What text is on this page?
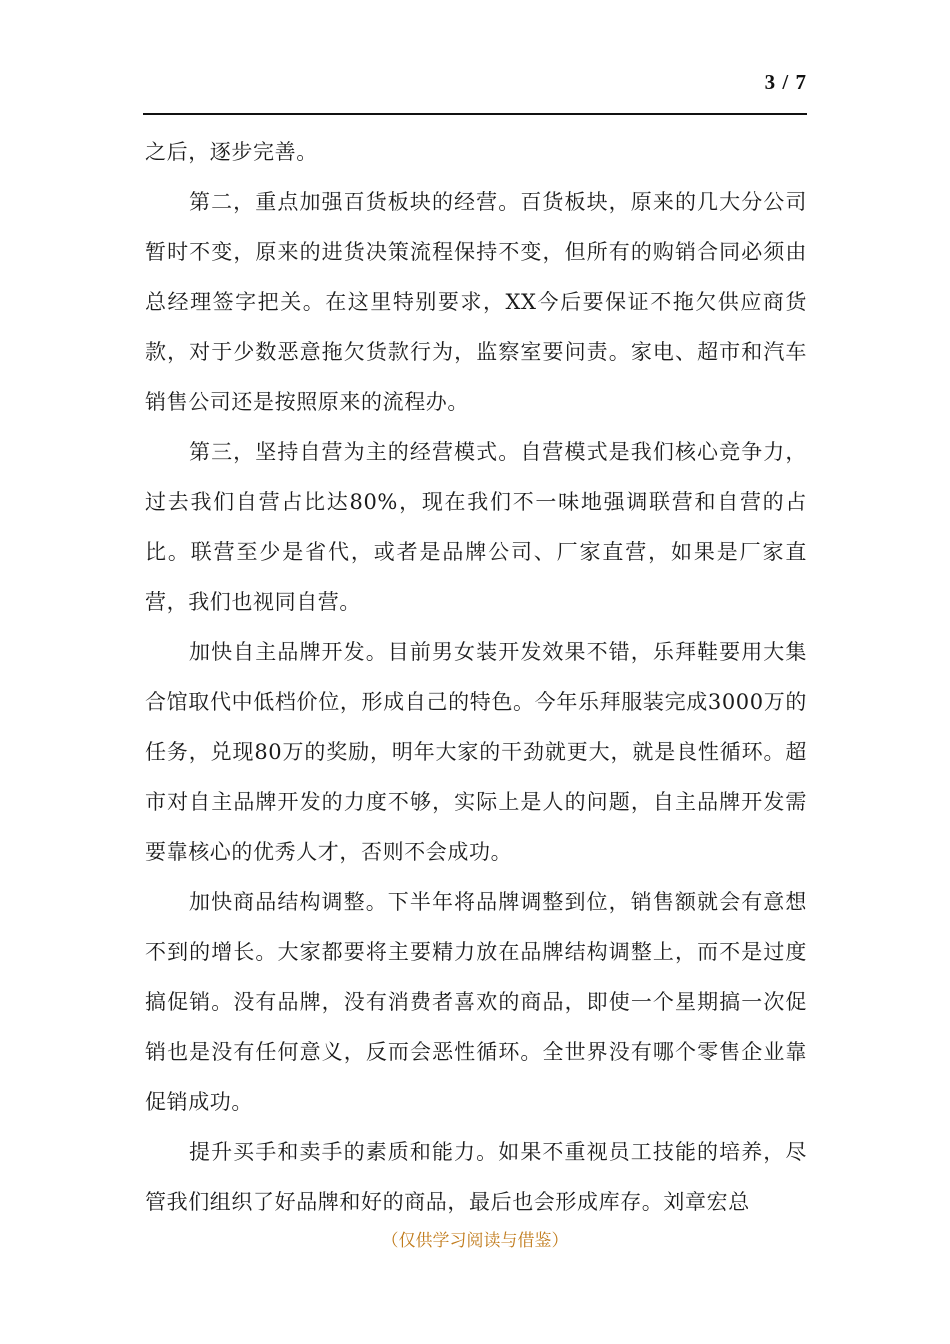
3 / 7

之后，逐步完善。

第二，重点加强百货板块的经营。百货板块，原来的几大分公司暂时不变，原来的进货决策流程保持不变，但所有的购销合同必须由总经理签字把关。在这里特别要求，XX今后要保证不拖欠供应商货款，对于少数恶意拖欠货款行为，监察室要问责。家电、超市和汽车销售公司还是按照原来的流程办。

第三，坚持自营为主的经营模式。自营模式是我们核心竞争力，过去我们自营占比达80%，现在我们不一味地强调联营和自营的占比。联营至少是省代，或者是品牌公司、厂家直营，如果是厂家直营，我们也视同自营。

加快自主品牌开发。目前男女装开发效果不错，乐拜鞋要用大集合馆取代中低档价位，形成自己的特色。今年乐拜服装完成3000万的任务，兑现80万的奖励，明年大家的干劲就更大，就是良性循环。超市对自主品牌开发的力度不够，实际上是人的问题，自主品牌开发需要靠核心的优秀人才，否则不会成功。

加快商品结构调整。下半年将品牌调整到位，销售额就会有意想不到的增长。大家都要将主要精力放在品牌结构调整上，而不是过度搞促销。没有品牌，没有消费者喜欢的商品，即使一个星期搞一次促销也是没有任何意义，反而会恶性循环。全世界没有哪个零售企业靠促销成功。

提升买手和卖手的素质和能力。如果不重视员工技能的培养，尽管我们组织了好品牌和好的商品，最后也会形成库存。刘章宏总

（仅供学习阅读与借鉴）
